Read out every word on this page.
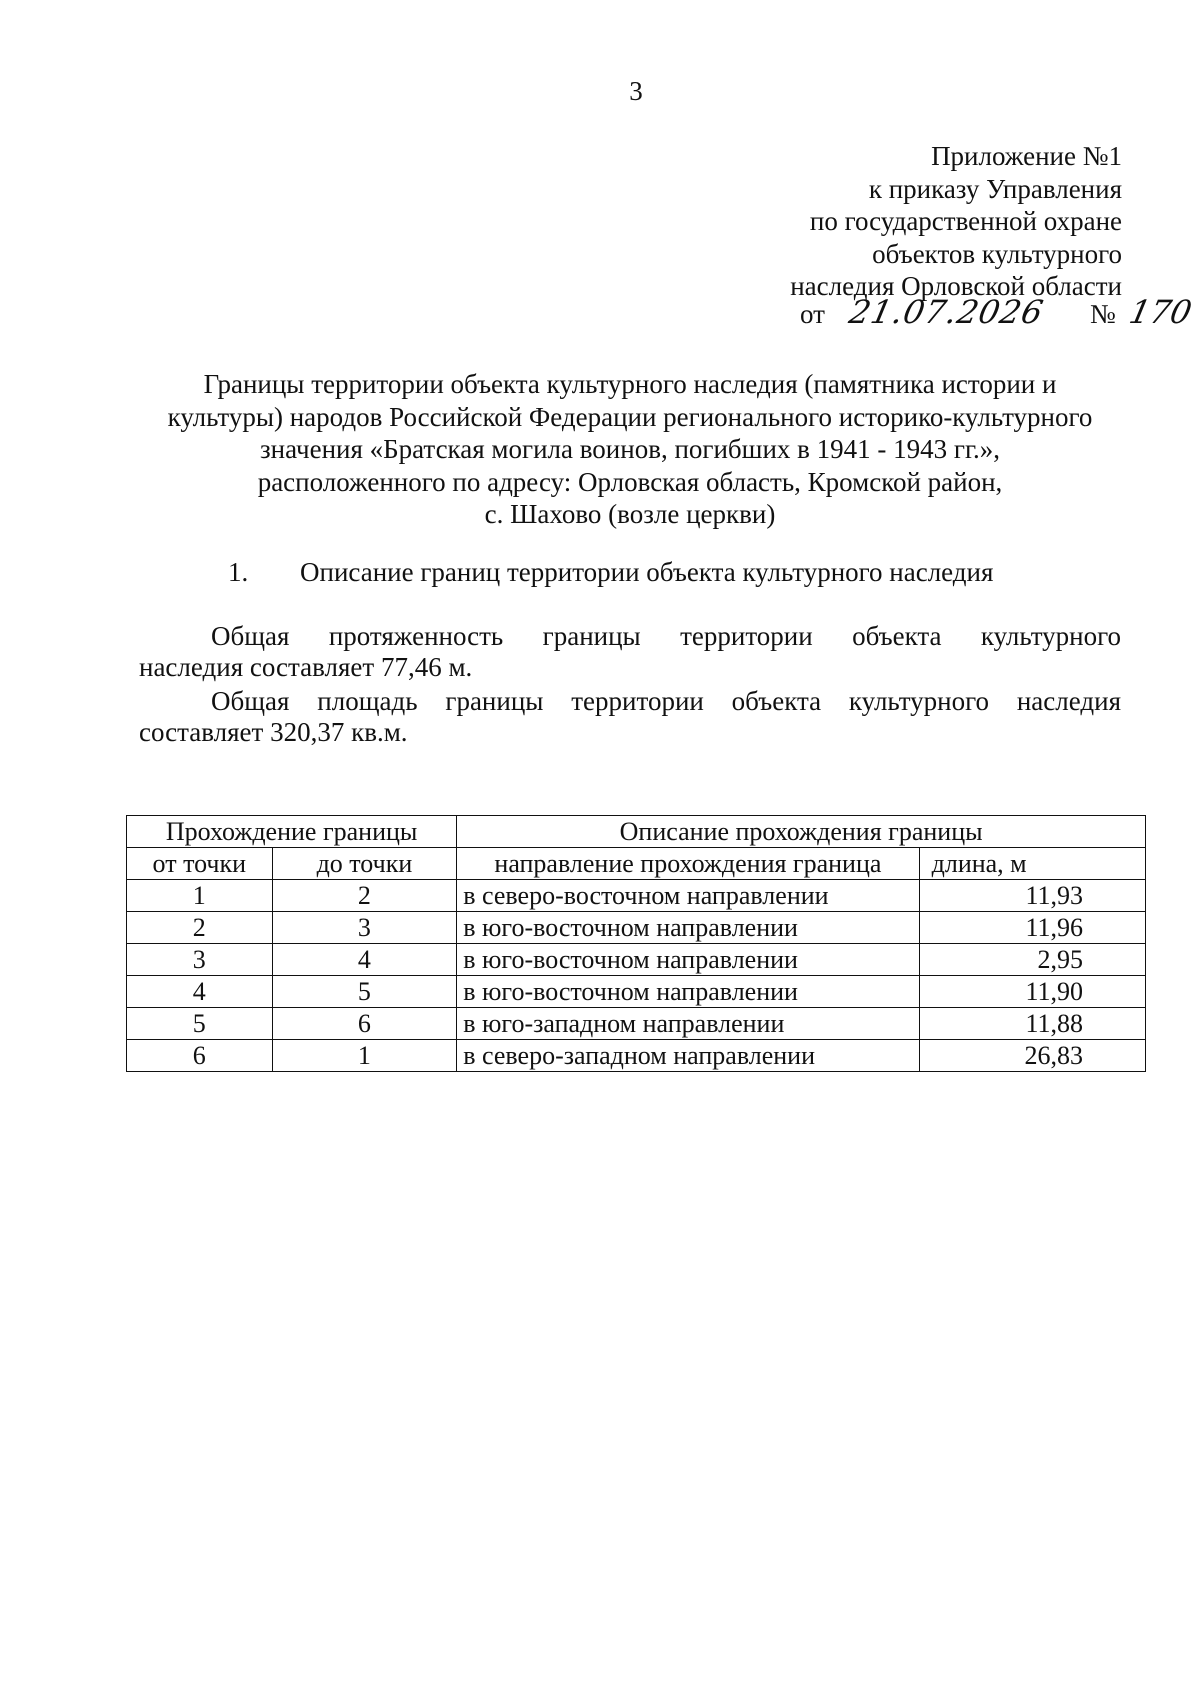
3
Приложение №1
к приказу Управления
по государственной охране
объектов культурного
наследия Орловской области
от 21.07.2026 № 170
Границы территории объекта культурного наследия (памятника истории и
культуры) народов Российской Федерации регионального историко-культурного
значения «Братская могила воинов, погибших в 1941 - 1943 гг.»,
расположенного по адресу: Орловская область, Кромской район,
с. Шахово (возле церкви)
1. Описание границ территории объекта культурного наследия
Общая протяженность границы территории объекта культурного
наследия составляет 77,46 м.
Общая площадь границы территории объекта культурного наследия
составляет 320,37 кв.м.
Прохождение границы		Описание прохождения границы	
от точки	до точки	направление прохождения граница	длина, м
1	2	в северо-восточном направлении	11,93
2	3	в юго-восточном направлении	11,96
3	4	в юго-восточном направлении	2,95
4	5	в юго-восточном направлении	11,90
5	6	в юго-западном направлении	11,88
6	1	в северо-западном направлении	26,83
